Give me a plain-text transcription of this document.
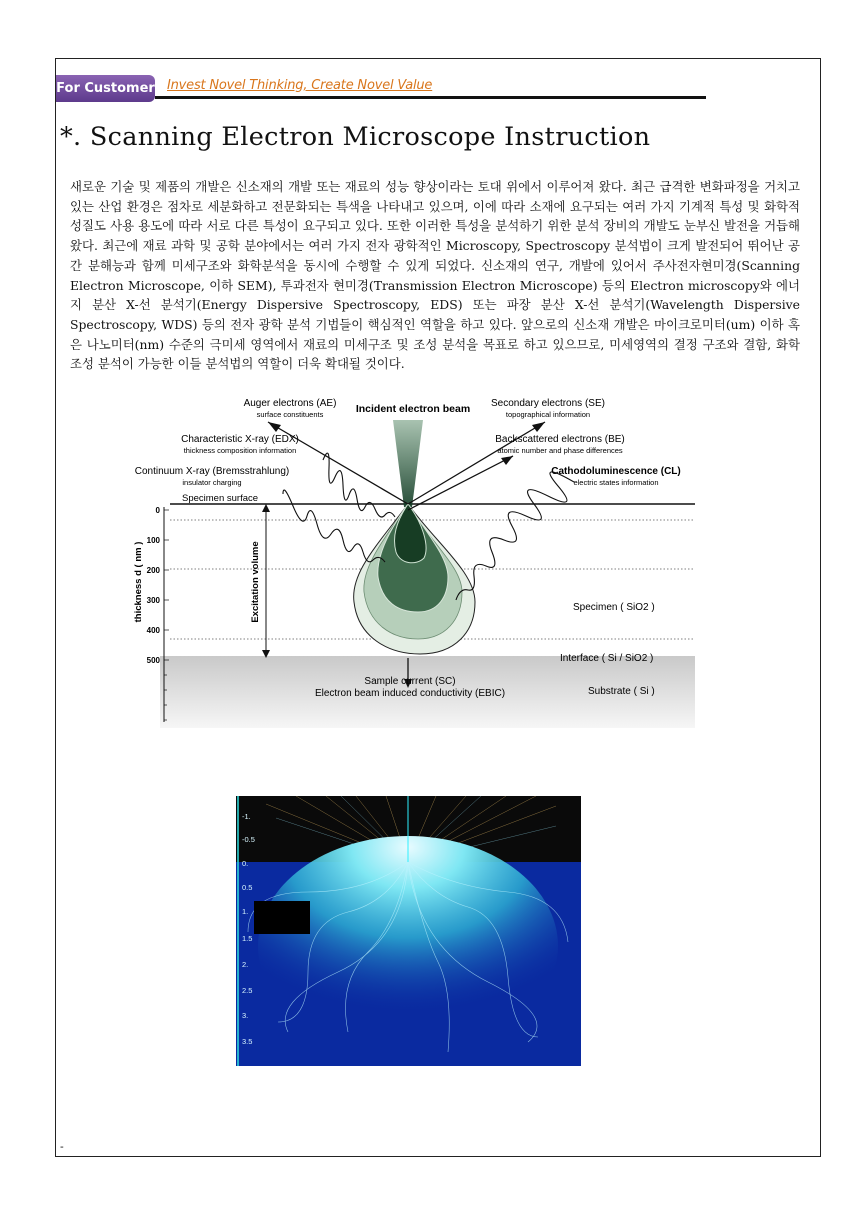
For Customer Invest Novel Thinking, Create Novel Value
*. Scanning Electron Microscope Instruction

새로운 기술 및 제품의 개발은 신소재의 개발 또는 재료의 성능 향상이라는 토대 위에서 이루어져 왔다. 최근 급격한 변화파정을 거치고 있는 산업 환경은 점차로 세분화하고 전문화되는 특색을 나타내고 있으며, 이에 따라 소재에 요구되는 여러 가지 기계적 특성 및 화학적 성질도 사용 용도에 따라 서로 다른 특성이 요구되고 있다. 또한 이러한 특성을 분석하기 위한 분석 장비의 개발도 눈부신 발전을 거듭해 왔다. 최근에 재료 과학 및 공학 분야에서는 여러 가지 전자 광학적인 Microscopy, Spectroscopy 분석법이 크게 발전되어 뛰어난 공간 분해능과 함께 미세구조와 화학분석을 동시에 수행할 수 있게 되었다. 신소재의 연구, 개발에 있어서 주사전자현미경(Scanning Electron Microscope, 이하 SEM), 투과전자 현미경(Transmission Electron Microscope) 등의 Electron microscopy와 에너지 분산 X-선 분석기(Energy Dispersive Spectroscopy, EDS) 또는 파장 분산 X-선 분석기(Wavelength Dispersive Spectroscopy, WDS) 등의 전자 광학 분석 기법들이 핵심적인 역할을 하고 있다. 앞으로의 신소재 개발은 마이크로미터(um) 이하 혹은 나노미터(nm) 수준의 극미세 영역에서 재료의 미세구조 및 조성 분석을 목표로 하고 있으므로, 미세영역의 결정 구조와 결함, 화학 조성 분석이 가능한 이들 분석법의 역할이 더욱 확대될 것이다.

Auger electrons (AE)
surface constituents	Incident electron beam Secondary electrons (SE)
topographical information
Characteristic X-ray (EDX)
thickness composition information
Backscattered electrons (BE)
atomic number and phase differences
Continuum X-ray (Bremsstrahlung)
insulator charging
Cathodoluminescence (CL)
electric states information
Specimen surface
0
100
200
300
400
500
thickness d ( nm )	Excitation volume	Specimen ( SiO2 )
Interface ( Si / SiO2 )
Substrate ( Si )
Sample current (SC)
Electron beam induced conductivity (EBIC)
-1.
-0.5
0.
0.5
1.
1.5
2.
2.5
3.
3.5
-
